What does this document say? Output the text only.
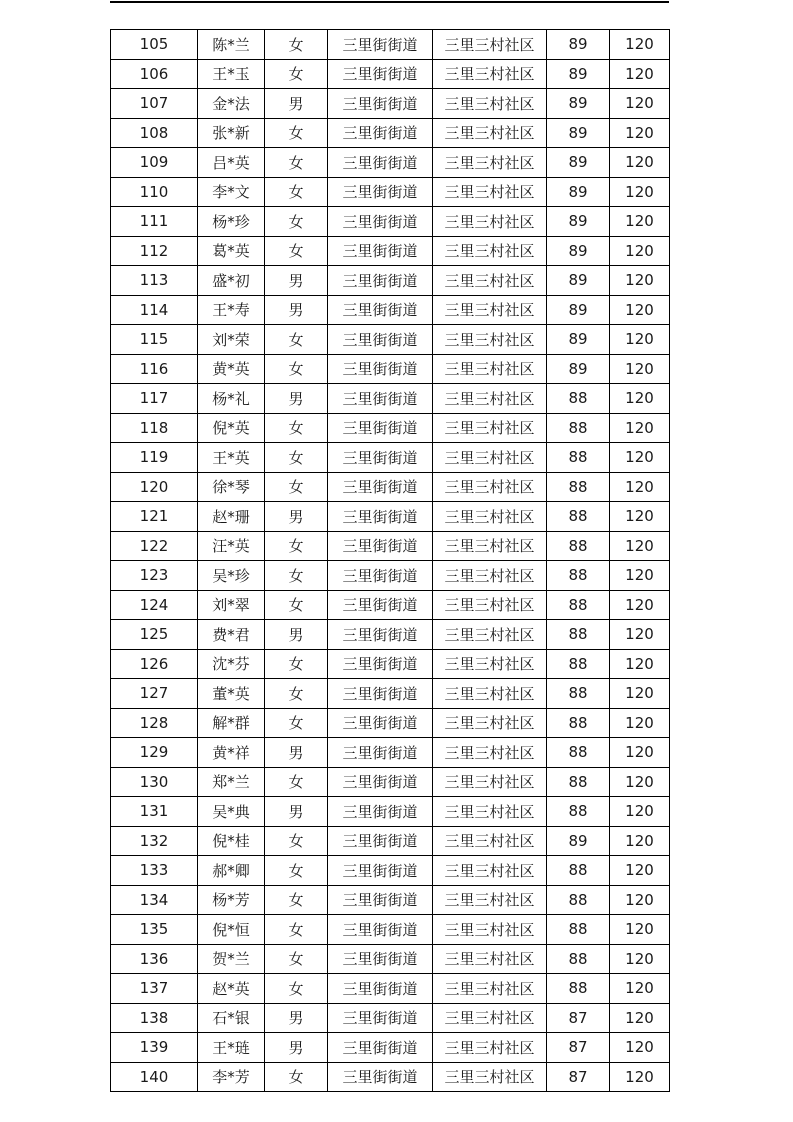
105	陈*兰	女	三里街街道	三里三村社区	89	120
106	王*玉	女	三里街街道	三里三村社区	89	120
107	金*法	男	三里街街道	三里三村社区	89	120
108	张*新	女	三里街街道	三里三村社区	89	120
109	吕*英	女	三里街街道	三里三村社区	89	120
110	李*文	女	三里街街道	三里三村社区	89	120
111	杨*珍	女	三里街街道	三里三村社区	89	120
112	葛*英	女	三里街街道	三里三村社区	89	120
113	盛*初	男	三里街街道	三里三村社区	89	120
114	王*寿	男	三里街街道	三里三村社区	89	120
115	刘*荣	女	三里街街道	三里三村社区	89	120
116	黄*英	女	三里街街道	三里三村社区	89	120
117	杨*礼	男	三里街街道	三里三村社区	88	120
118	倪*英	女	三里街街道	三里三村社区	88	120
119	王*英	女	三里街街道	三里三村社区	88	120
120	徐*琴	女	三里街街道	三里三村社区	88	120
121	赵*珊	男	三里街街道	三里三村社区	88	120
122	汪*英	女	三里街街道	三里三村社区	88	120
123	吴*珍	女	三里街街道	三里三村社区	88	120
124	刘*翠	女	三里街街道	三里三村社区	88	120
125	费*君	男	三里街街道	三里三村社区	88	120
126	沈*芬	女	三里街街道	三里三村社区	88	120
127	董*英	女	三里街街道	三里三村社区	88	120
128	解*群	女	三里街街道	三里三村社区	88	120
129	黄*祥	男	三里街街道	三里三村社区	88	120
130	郑*兰	女	三里街街道	三里三村社区	88	120
131	吴*典	男	三里街街道	三里三村社区	88	120
132	倪*桂	女	三里街街道	三里三村社区	89	120
133	郝*卿	女	三里街街道	三里三村社区	88	120
134	杨*芳	女	三里街街道	三里三村社区	88	120
135	倪*恒	女	三里街街道	三里三村社区	88	120
136	贺*兰	女	三里街街道	三里三村社区	88	120
137	赵*英	女	三里街街道	三里三村社区	88	120
138	石*银	男	三里街街道	三里三村社区	87	120
139	王*琏	男	三里街街道	三里三村社区	87	120
140	李*芳	女	三里街街道	三里三村社区	87	120
